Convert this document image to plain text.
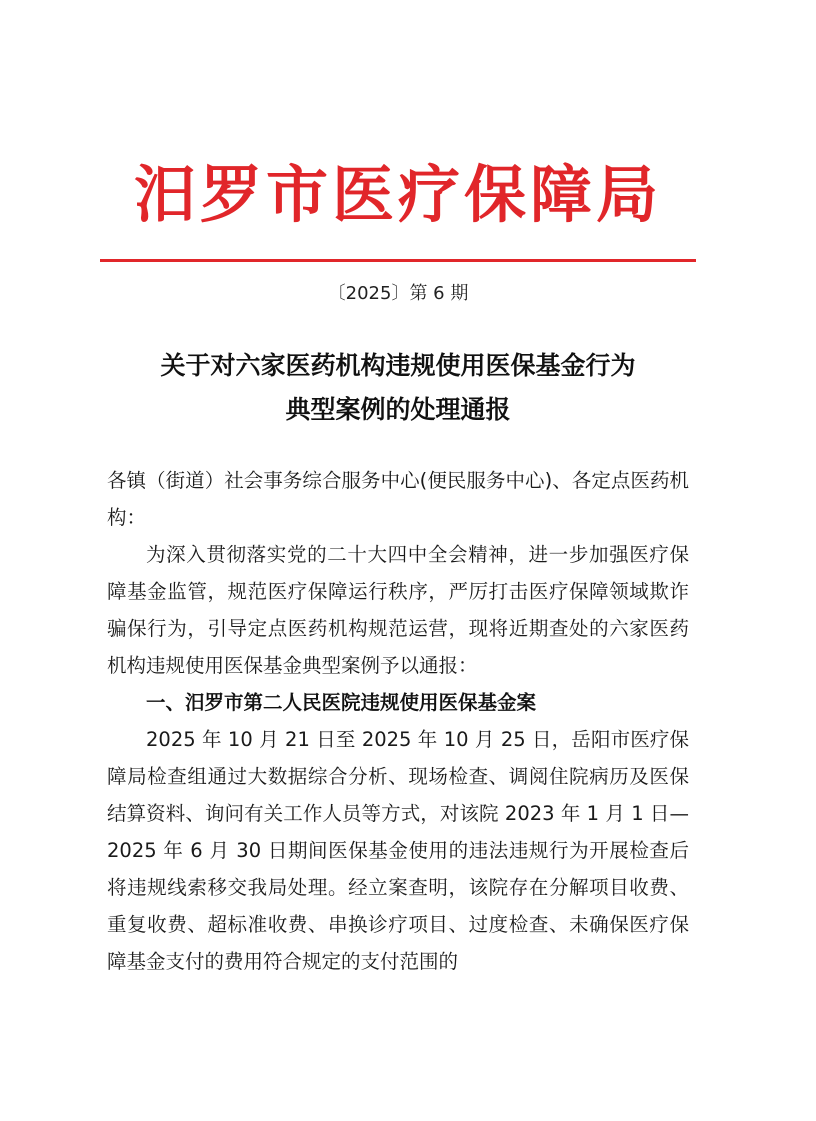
汨罗市医疗保障局
〔2025〕第 6 期
关于对六家医药机构违规使用医保基金行为
典型案例的处理通报

各镇（街道）社会事务综合服务中心(便民服务中心)、各定点医药机构：

为深入贯彻落实党的二十大四中全会精神，进一步加强医疗保障基金监管，规范医疗保障运行秩序，严厉打击医疗保障领域欺诈骗保行为，引导定点医药机构规范运营，现将近期查处的六家医药机构违规使用医保基金典型案例予以通报：

一、汨罗市第二人民医院违规使用医保基金案

2025 年 10 月 21 日至 2025 年 10 月 25 日，岳阳市医疗保障局检查组通过大数据综合分析、现场检查、调阅住院病历及医保结算资料、询问有关工作人员等方式，对该院 2023 年 1 月 1 日—2025 年 6 月 30 日期间医保基金使用的违法违规行为开展检查后将违规线索移交我局处理。经立案查明，该院存在分解项目收费、重复收费、超标准收费、串换诊疗项目、过度检查、未确保医疗保障基金支付的费用符合规定的支付范围的
